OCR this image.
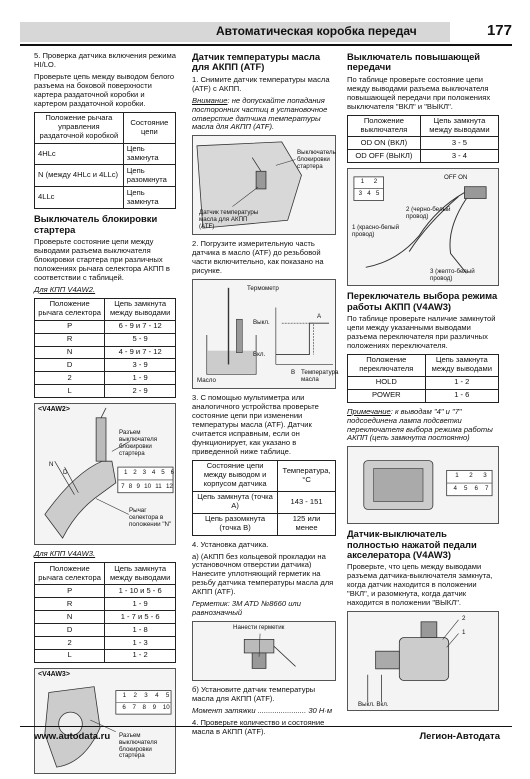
Автоматическая коробка передач	177
5. Проверка датчика включения режима HI/LO.
Проверьте цепь между выводом белого разъема на боковой поверхности картера раздаточной коробки и картером раздаточной коробки.
Положение рычага управления раздаточной коробкой	Состояние цепи
4HLc	Цепь замкнута
N (между 4HLc и 4LLc)	Цепь разомкнута
4LLc	Цепь замкнута
Выключатель блокировки стартера
Проверьте состояние цепи между выводами разъема выключателя блокировки стартера при различных положениях рычага селектора АКПП в соответствии с таблицей.
Для КПП V4AW2.
Положение рычага селектора	Цепь замкнута между выводами
P	6 - 9 и 7 - 12
R	5 - 9
N	4 - 9 и 7 - 12
D	3 - 9
2	1 - 9
L	2 - 9
<V4AW2>
Разъем выключателя блокировки стартера
N
D	1 2 3 4 5 6
7 8 9 10 11 12
Рычаг селектора в положении "N"
Для КПП V4AW3.
Положение рычага селектора	Цепь замкнута между выводами
P	1 - 10 и 5 - 6
R	1 - 9
N	1 - 7 и 5 - 6
D	1 - 8
2	1 - 3
L	1 - 2
<V4AW3>
1 2 3 4 5
6 7 8 9 10
Разъем выключателя блокировки стартера
Датчик температуры масла для АКПП (ATF)
1. Снимите датчик температуры масла (ATF) с АКПП.
Внимание: не допускайте попадания посторонних частиц в установочное отверстие датчика температуры масла для АКПП (ATF).
Выключатель блокировки стартера
Датчик температуры масла для АКПП (ATF)
2. Погрузите измерительную часть датчика в масло (ATF) до резьбовой части включительно, как показано на рисунке.
Термометр
Выкл.
Вкл.
Масло
Температура масла
A
B
3. С помощью мультиметра или аналогичного устройства проверьте состояние цепи при изменении температуры масла (ATF). Датчик считается исправным, если он функционирует, как указано в приведенной ниже таблице.
Состояние цепи между выводом и корпусом датчика	Температура, °C
Цепь замкнута (точка A)	143 - 151
Цепь разомкнута (точка B)	125 или менее
4. Установка датчика.
а) (АКПП без кольцевой прокладки на установочном отверстии датчика) Нанесите уплотняющий герметик на резьбу датчика температуры масла для АКПП (ATF).
Герметик: 3M ATD №8660 или равнозначный
Нанести герметик
б) Установите датчик температуры масла для АКПП (ATF).
Момент затяжки ....................... 30 Н·м
4. Проверьте количество и состояние масла в АКПП (ATF).
Выключатель повышающей передачи
По таблице проверьте состояние цепи между выводами разъема выключателя повышающей передачи при положениях выключателя "ВКЛ" и "ВЫКЛ".
Положение выключателя	Цепь замкнута между выводами
OD ON (ВКЛ)	3 - 5
OD OFF (ВЫКЛ)	3 - 4
1 2
3 4 5
OFF ON
2 (черно-белый провод)
1 (красно-белый провод)
3 (желто-белый провод)
Переключатель выбора режима работы АКПП (V4AW3)
По таблице проверьте наличие замкнутой цепи между указанными выводами разъема переключателя при различных положениях переключателя.
Положение переключателя	Цепь замкнута между выводами
HOLD	1 - 2
POWER	1 - 6
Примечание: к выводам "4" и "7" подсоединена лампа подсветки переключателя выбора режима работы АКПП (цепь замкнута постоянно)
1 2 3
4 5 6 7
Датчик-выключатель полностью нажатой педали акселератора (V4AW3)
Проверьте, что цепь между выводами разъема датчика-выключателя замкнута, когда датчик находится в положении "ВКЛ", и разомкнута, когда датчик находится в положении "ВЫКЛ".
2
1
Выкл. Вкл.
www.autodata.ru	Легион-Автодата
